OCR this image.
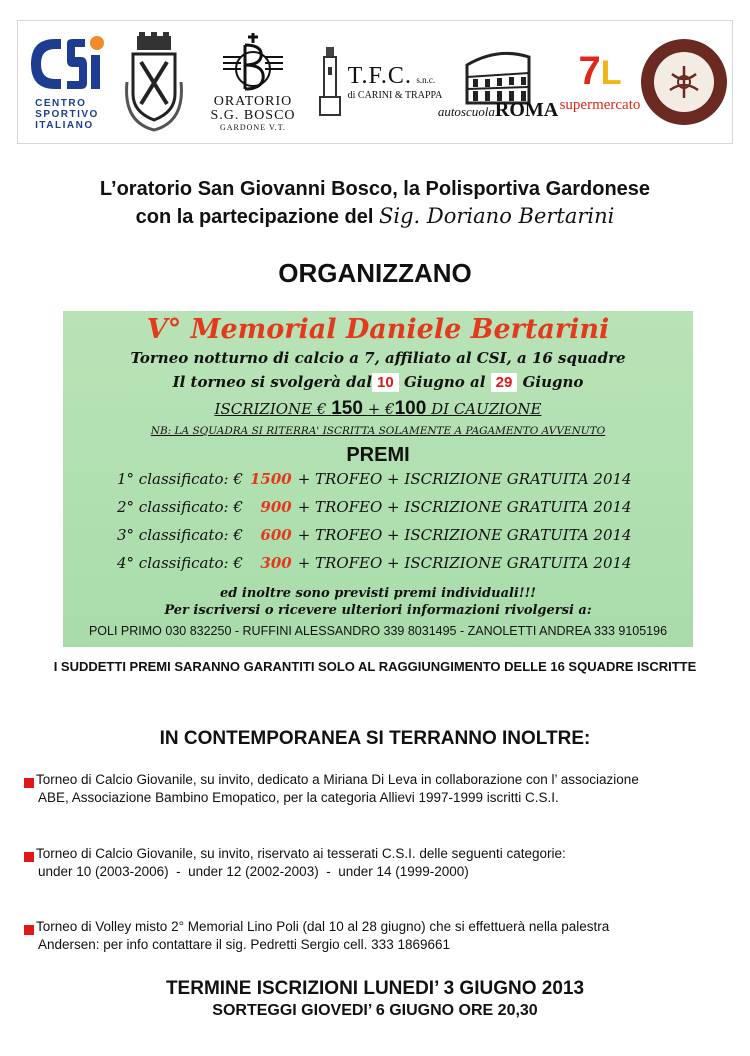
CENTRO
SPORTIVO
ITALIANO
ORATORIO
S.G. BOSCO
GARDONE V.T.
T.F.C. s.n.c.
di CARINI & TRAPPA
autoscuolaROMA
7L
supermercato
L’oratorio San Giovanni Bosco, la Polisportiva Gardonese
con la partecipazione del Sig. Doriano Bertarini
ORGANIZZANO
V° Memorial Daniele Bertarini
Torneo notturno di calcio a 7, affiliato al CSI, a 16 squadre
Il torneo si svolgerà dal 10 Giugno al 29 Giugno
ISCRIZIONE € 150 + €100 DI CAUZIONE
NB: LA SQUADRA SI RITERRA' ISCRITTA SOLAMENTE A PAGAMENTO AVVENUTO
PREMI
1° classificato: € 1500 + TROFEO + ISCRIZIONE GRATUITA 2014
2° classificato: € 900 + TROFEO + ISCRIZIONE GRATUITA 2014
3° classificato: € 600 + TROFEO + ISCRIZIONE GRATUITA 2014
4° classificato: € 300 + TROFEO + ISCRIZIONE GRATUITA 2014
ed inoltre sono previsti premi individuali!!!
Per iscriversi o ricevere ulteriori informazioni rivolgersi a:
POLI PRIMO 030 832250 - RUFFINI ALESSANDRO 339 8031495 - ZANOLETTI ANDREA 333 9105196
I SUDDETTI PREMI SARANNO GARANTITI SOLO AL RAGGIUNGIMENTO DELLE 16 SQUADRE ISCRITTE
IN CONTEMPORANEA SI TERRANNO INOLTRE:
Torneo di Calcio Giovanile, su invito, dedicato a Miriana Di Leva in collaborazione con l’ associazione
ABE, Associazione Bambino Emopatico, per la categoria Allievi 1997-1999 iscritti C.S.I.
Torneo di Calcio Giovanile, su invito, riservato ai tesserati C.S.I. delle seguenti categorie:
under 10 (2003-2006)  -  under 12 (2002-2003)  -  under 14 (1999-2000)
Torneo di Volley misto 2° Memorial Lino Poli (dal 10 al 28 giugno) che si effettuerà nella palestra
Andersen: per info contattare il sig. Pedretti Sergio cell. 333 1869661
TERMINE ISCRIZIONI LUNEDI’ 3 GIUGNO 2013
SORTEGGI GIOVEDI’ 6 GIUGNO ORE 20,30
